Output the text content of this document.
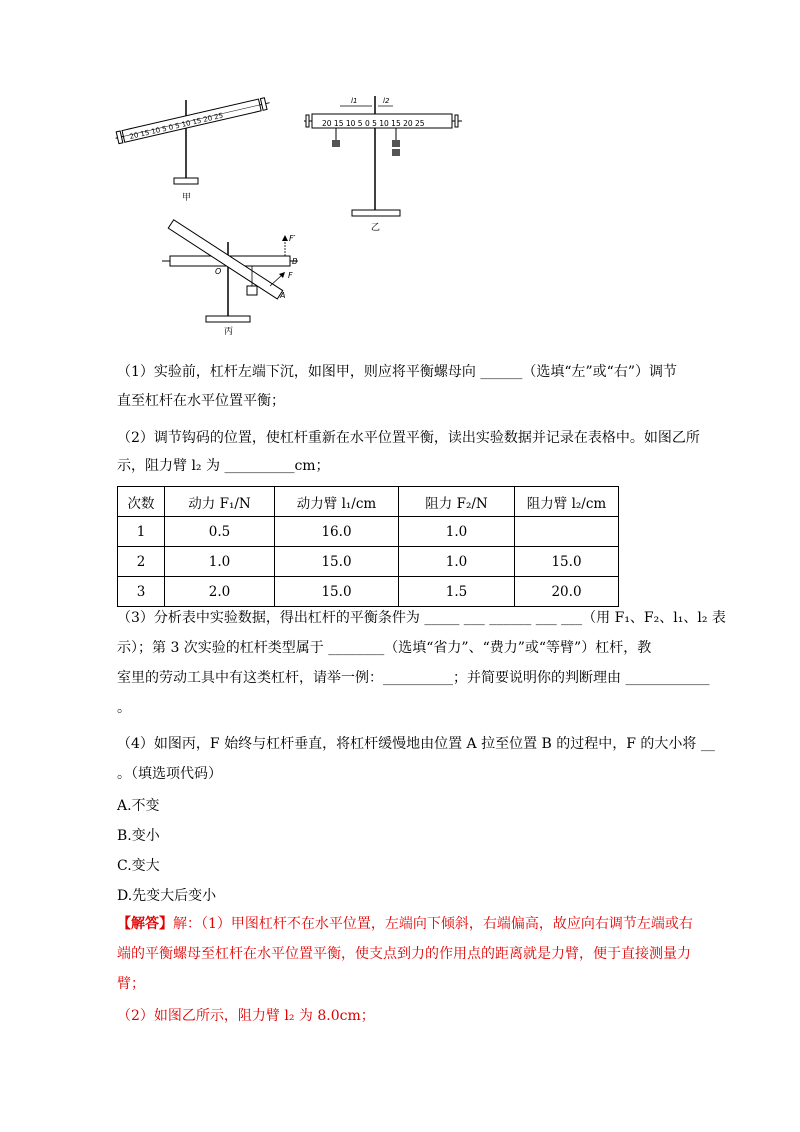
20 15 10 5 0 5 10 15 20 25
甲
20 15 10 5 0 5 10 15 20 25
l1	l2
乙
O
B
A
F
F′
丙
（1）实验前，杠杆左端下沉，如图甲，则应将平衡螺母向 ______（选填“左”或“右”）调节
直至杠杆在水平位置平衡；
（2）调节钩码的位置，使杠杆重新在水平位置平衡，读出实验数据并记录在表格中。如图乙所
示，阻力臂 l₂ 为 __________cm；
次数	动力 F₁/N	动力臂 l₁/cm	阻力 F₂/N	阻力臂 l₂/cm
1	0.5	16.0	1.0	
2	1.0	15.0	1.0	15.0
3	2.0	15.0	1.5	20.0
（3）分析表中实验数据，得出杠杆的平衡条件为 _____ ___ ______ ___ ___（用 F₁、F₂、l₁、l₂ 表
示）；第 3 次实验的杠杆类型属于 ________（选填“省力”、“费力”或“等臂”）杠杆，教
室里的劳动工具中有这类杠杆，请举一例：__________；并简要说明你的判断理由 ____________
。
（4）如图丙，F 始终与杠杆垂直，将杠杆缓慢地由位置 A 拉至位置 B 的过程中，F 的大小将 __
。（填选项代码）
A.不变
B.变小
C.变大
D.先变大后变小
【解答】解：（1）甲图杠杆不在水平位置，左端向下倾斜，右端偏高，故应向右调节左端或右
端的平衡螺母至杠杆在水平位置平衡，使支点到力的作用点的距离就是力臂，便于直接测量力
臂；
（2）如图乙所示，阻力臂 l₂ 为 8.0cm；
